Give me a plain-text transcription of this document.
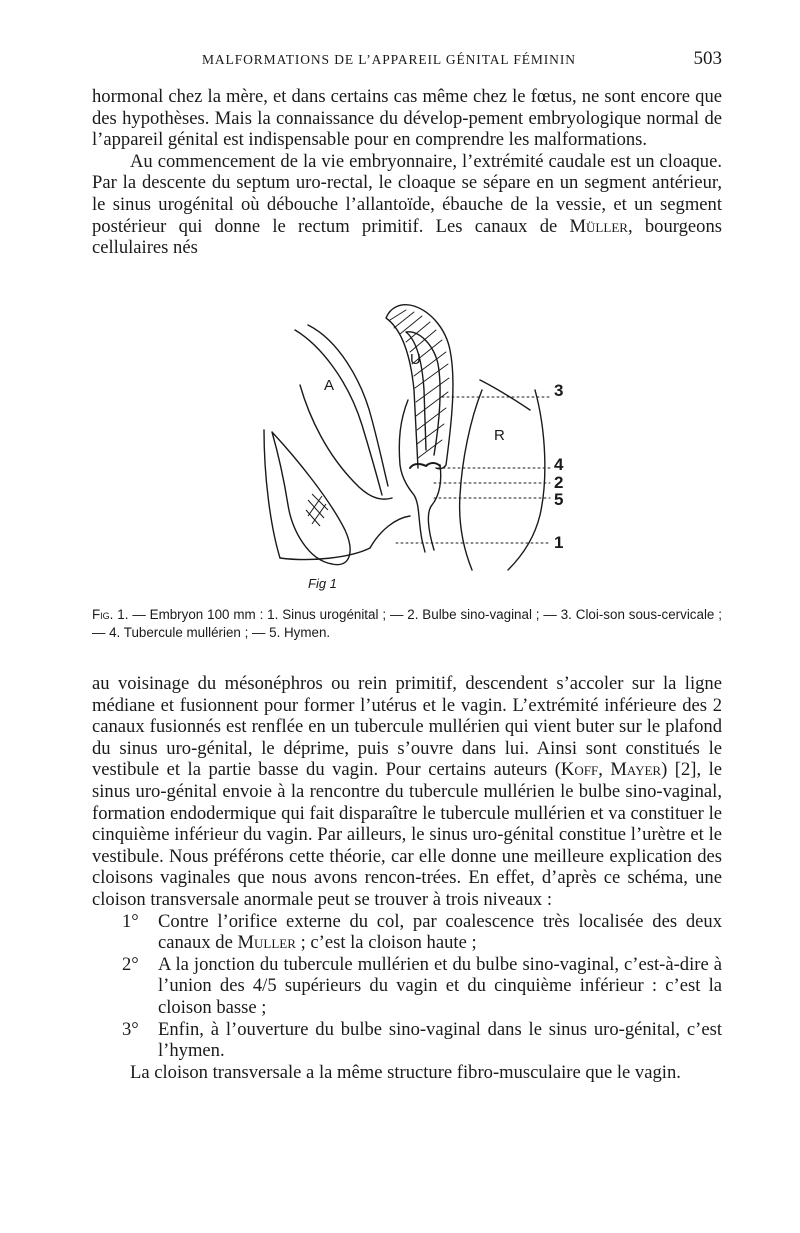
MALFORMATIONS DE L’APPAREIL GÉNITAL FÉMININ	503

hormonal chez la mère, et dans certains cas même chez le fœtus, ne sont encore que des hypothèses. Mais la connaissance du dévelop-pement embryologique normal de l’appareil génital est indispensable pour en comprendre les malformations.

Au commencement de la vie embryonnaire, l’extrémité caudale est un cloaque. Par la descente du septum uro-rectal, le cloaque se sépare en un segment antérieur, le sinus urogénital où débouche l’allantoïde, ébauche de la vessie, et un segment postérieur qui donne le rectum primitif. Les canaux de Müller, bourgeons cellulaires nés

A
U
R
3
4
2
5
1
Fig 1
Fig. 1. — Embryon 100 mm : 1. Sinus urogénital ; — 2. Bulbe sino-vaginal ; — 3. Cloi-son sous-cervicale ; — 4. Tubercule mullérien ; — 5. Hymen.

au voisinage du mésonéphros ou rein primitif, descendent s’accoler sur la ligne médiane et fusionnent pour former l’utérus et le vagin. L’extrémité inférieure des 2 canaux fusionnés est renflée en un tubercule mullérien qui vient buter sur le plafond du sinus uro-génital, le déprime, puis s’ouvre dans lui. Ainsi sont constitués le vestibule et la partie basse du vagin. Pour certains auteurs (Koff, Mayer) [2], le sinus uro-génital envoie à la rencontre du tubercule mullérien le bulbe sino-vaginal, formation endodermique qui fait disparaître le tubercule mullérien et va constituer le cinquième inférieur du vagin. Par ailleurs, le sinus uro-génital constitue l’urètre et le vestibule. Nous préférons cette théorie, car elle donne une meilleure explication des cloisons vaginales que nous avons rencon-trées. En effet, d’après ce schéma, une cloison transversale anormale peut se trouver à trois niveaux :

1° Contre l’orifice externe du col, par coalescence très localisée des deux canaux de Muller ; c’est la cloison haute ;

2° A la jonction du tubercule mullérien et du bulbe sino-vaginal, c’est-à-dire à l’union des 4/5 supérieurs du vagin et du cinquième inférieur : c’est la cloison basse ;

3° Enfin, à l’ouverture du bulbe sino-vaginal dans le sinus uro-génital, c’est l’hymen.

La cloison transversale a la même structure fibro-musculaire que le vagin.
